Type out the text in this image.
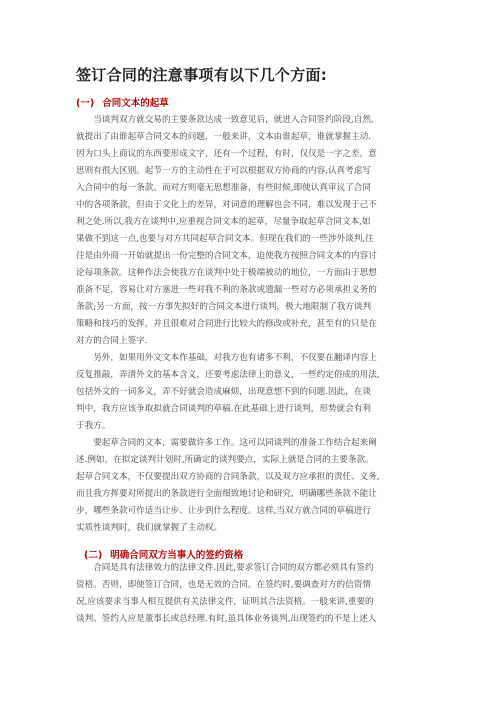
签订合同的注意事项有以下几个方面:
(一) 合同文本的起草
　　当谈判双方就交易的主要条款达成一致意见后，就进入合同签约阶段,自然,
就提出了由谁起草合同文本的问题，一般来讲，文本由谁起草，谁就掌握主动.
因为口头上商议的东西要形成文字，还有一个过程，有时，仅仅是一字之差，意
思则有很大区别。起节一方的主动性在于可以根据双方协商的内容,认真考虑写
入合同中的每一条款。而对方则毫无思想准备，有些时候,即使认真审议了合同
中的各项条款，但由于文化上的差异，对词意的理解也会不同，难以发现于己不
利之处.所以,我方在谈判中,应重视合同文本的起草，尽量争取起草合同文本,如
果做不到这一点,也要与对方共同起草合同文本。但现在我们的一些涉外谈判,往
往是由外商一开始就提出一份完整的合同文本，迫使我方按照合同文本的内容讨
论每项条款。这种作法会使我方在谈判中处于极端被动的地位，一方面由于思想
准备不足，容易让对方塞进一些对我不利的条款或遗漏一些对方必须承担义务的
条款;另一方面，按一方事先拟好的合同文本进行谈判，极大地限制了我方谈判
策略和技巧的发挥，并且很难对合同进行比较大的修改或补充，甚至有的只是在
对方的合同上签字.
　　另外，如果用外文文本作基础，对我方也有诸多不利，不仅要在翻译内容上
反复推敲，弄清外文的基本含义，还要考虑法律上的意义，一些约定俗成的用法,
包括外文的一词多义，弄不好就会造成麻烦，出现意想不到的问题.因此，在谈
判中，我方应该争取拟就合同谈判的草稿.在此基础上进行谈判，形势就会有利
于我方。
　　要起草合同的文本，需要做许多工作。这可以同谈判的准备工作结合起来阐
述.例如，在拟定谈判计划时,所确定的谈判要点，实际上就是合同的主要条款。
起草合同文本，不仅要提出双方协商的合同条款，以及双方应承担的责任、义务,
而且我方挥要对所提出的条款进行全面细致地讨论和研究，明确哪些条款不能让
步，哪些条款可作适当让步、让步到什么程度。这样,当双方就合同的草稿进行
实质性谈判时，我们就掌握了主动权。
(二) 明确合同双方当事人的签约资格
　　合同是具有法律效力的法律文件.因此,要求签订合同的双方都必须具有签约
资格。否则，即使签订合同，也是无效的合同。在签约时,要调查对方的信资情
况,应该要求当事人相互提供有关法律文件，证明其合法资格。一般来讲,重要的
谈判、签约人应是董事长或总经理.有时,虽具体业务谈判,出现签约的不是上述人
